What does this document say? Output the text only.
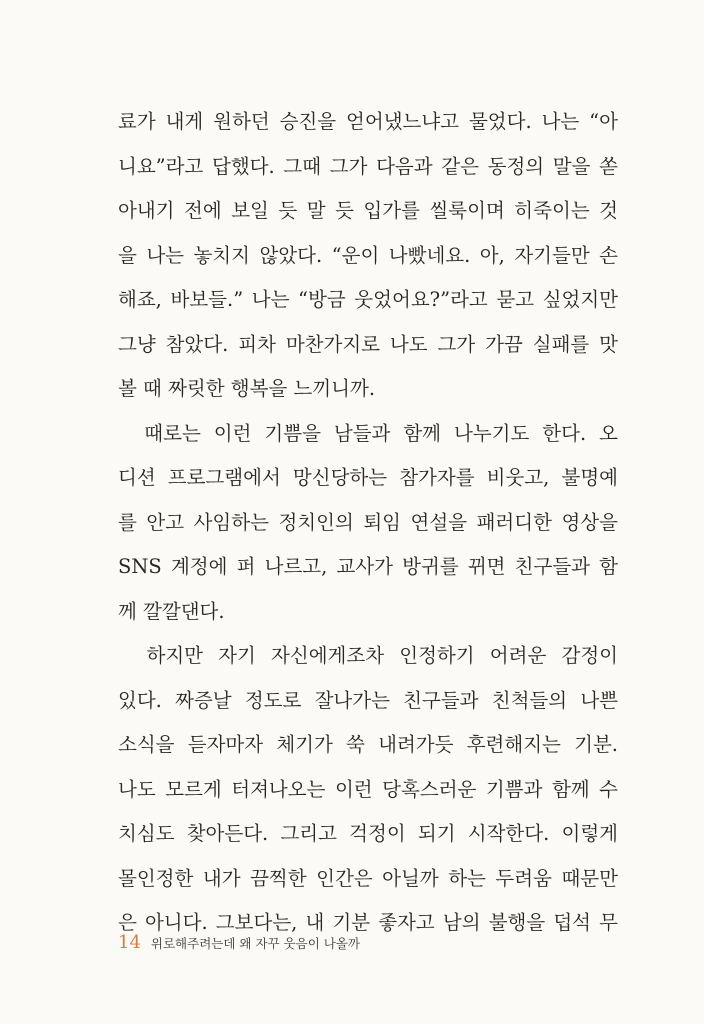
료가 내게 원하던 승진을 얻어냈느냐고 물었다. 나는 “아
니요”라고 답했다. 그때 그가 다음과 같은 동정의 말을 쏟
아내기 전에 보일 듯 말 듯 입가를 씰룩이며 히죽이는 것
을 나는 놓치지 않았다. “운이 나빴네요. 아, 자기들만 손
해죠, 바보들.” 나는 “방금 웃었어요?”라고 묻고 싶었지만
그냥 참았다. 피차 마찬가지로 나도 그가 가끔 실패를 맛
볼 때 짜릿한 행복을 느끼니까.
　때로는 이런 기쁨을 남들과 함께 나누기도 한다. 오
디션 프로그램에서 망신당하는 참가자를 비웃고, 불명예
를 안고 사임하는 정치인의 퇴임 연설을 패러디한 영상을
SNS 계정에 퍼 나르고, 교사가 방귀를 뀌면 친구들과 함
께 깔깔댄다.
　하지만 자기 자신에게조차 인정하기 어려운 감정이
있다. 짜증날 정도로 잘나가는 친구들과 친척들의 나쁜
소식을 듣자마자 체기가 쑥 내려가듯 후련해지는 기분.
나도 모르게 터져나오는 이런 당혹스러운 기쁨과 함께 수
치심도 찾아든다. 그리고 걱정이 되기 시작한다. 이렇게
몰인정한 내가 끔찍한 인간은 아닐까 하는 두려움 때문만
은 아니다. 그보다는, 내 기분 좋자고 남의 불행을 덥석 무
14 위로해주려는데 왜 자꾸 웃음이 나올까
